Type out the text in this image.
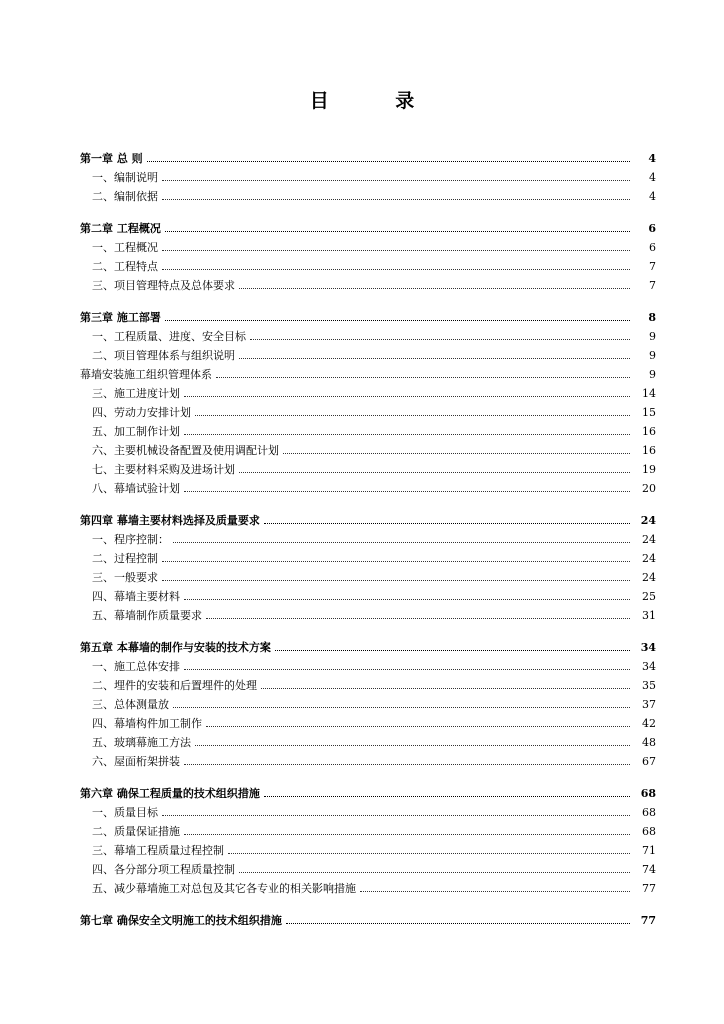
目 录
第一章 总 则	4
一、编制说明	4
二、编制依据	4
第二章 工程概况	6
一、工程概况	6
二、工程特点	7
三、项目管理特点及总体要求	7
第三章 施工部署	8
一、工程质量、进度、安全目标	9
二、项目管理体系与组织说明	9
幕墙安装施工组织管理体系	9
三、施工进度计划	14
四、劳动力安排计划	15
五、加工制作计划	16
六、主要机械设备配置及使用调配计划	16
七、主要材料采购及进场计划	19
八、幕墙试验计划	20
第四章 幕墙主要材料选择及质量要求	24
一、程序控制：	24
二、过程控制	24
三、一般要求	24
四、幕墙主要材料	25
五、幕墙制作质量要求	31
第五章 本幕墙的制作与安装的技术方案	34
一、施工总体安排	34
二、埋件的安装和后置埋件的处理	35
三、总体测量放	37
四、幕墙构件加工制作	42
五、玻璃幕施工方法	48
六、屋面桁架拼装	67
第六章 确保工程质量的技术组织措施	68
一、质量目标	68
二、质量保证措施	68
三、幕墙工程质量过程控制	71
四、各分部分项工程质量控制	74
五、减少幕墙施工对总包及其它各专业的相关影响措施	77
第七章 确保安全文明施工的技术组织措施	77
